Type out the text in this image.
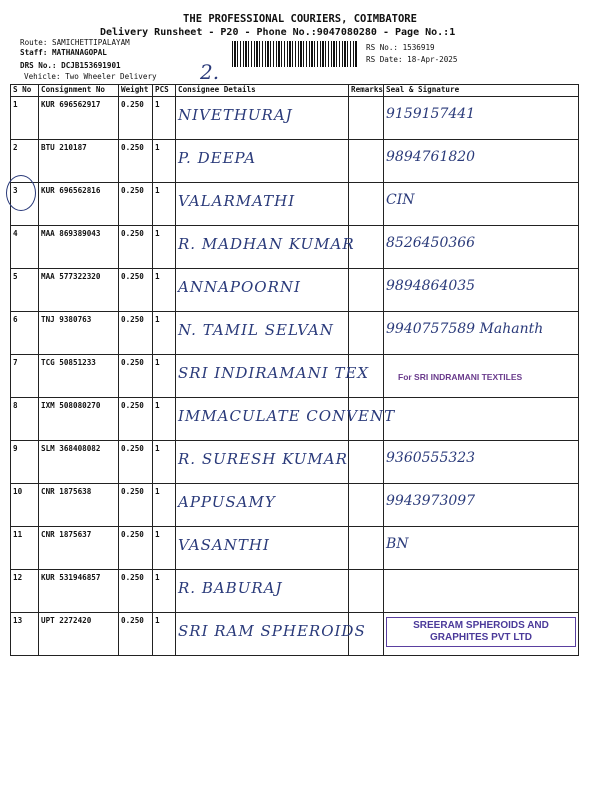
THE PROFESSIONAL COURIERS, COIMBATORE
Delivery Runsheet - P20 - Phone No.:9047080280 - Page No.:1
Route: SAMICHETTIPALAYAM
Staff: MATHANAGOPAL
DRS No.: DCJB153691901
Vehicle: Two Wheeler Delivery 2.
RS No.: 1536919
RS Date: 18-Apr-2025
S No	Consignment No	Weight	PCS	Consignee Details	Remarks	Seal & Signature
1	KUR 696562917	0.250	1	NIVETHURAJ		9159157441

2	BTU 210187	0.250	1	P. DEEPA		9894761820

3	KUR 696562816	0.250	1	VALARMATHI		CIN

4	MAA 869389043	0.250	1	R. MADHAN KUMAR		8526450366

5	MAA 577322320	0.250	1	ANNAPOORNI		9894864035

6	TNJ 9380763	0.250	1	N. TAMIL SELVAN		9940757589 Mahanth

7	TCG 50851233	0.250	1	SRI INDIRAMANI TEX		For SRI INDRAMANI TEXTILES

8	IXM 508080270	0.250	1	IMMACULATE CONVENT		

9	SLM 368408082	0.250	1	R. SURESH KUMAR		9360555323

10	CNR 1875638	0.250	1	APPUSAMY		9943973097

11	CNR 1875637	0.250	1	VASANTHI		BN

12	KUR 531946857	0.250	1	R. BABURAJ		

13	UPT 2272420	0.250	1	SRI RAM SPHEROIDS		SREERAM SPHEROIDS AND GRAPHITES PVT LTD
